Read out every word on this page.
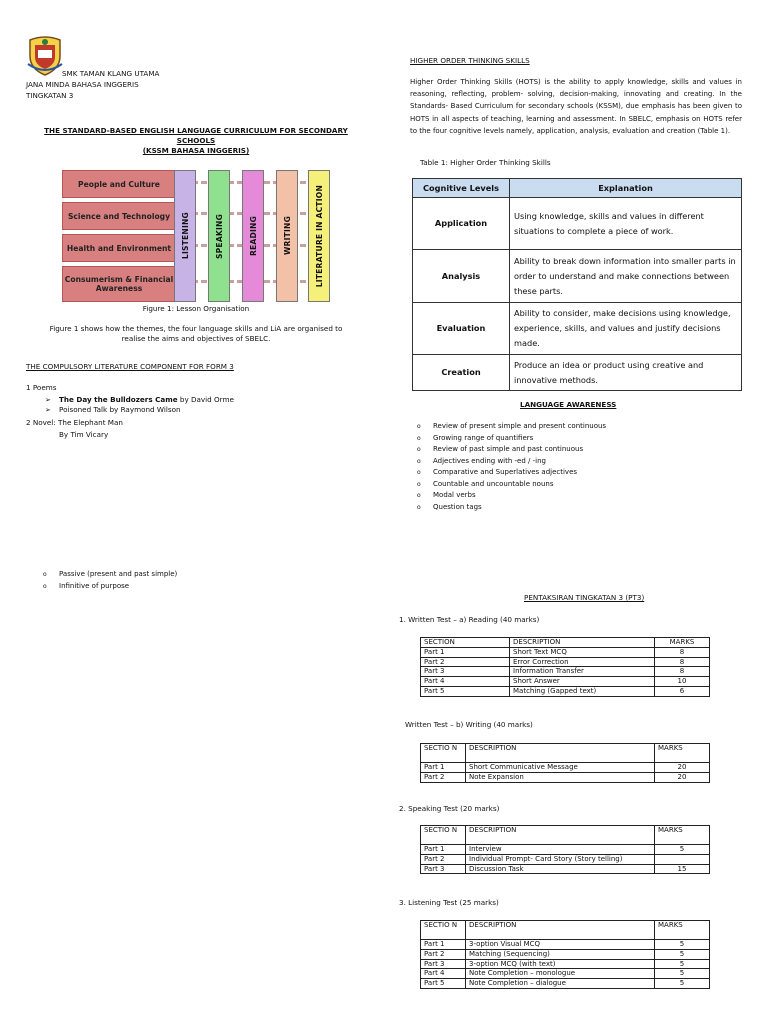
SMK TAMAN KLANG UTAMA
JANA MINDA BAHASA INGGERIS
TINGKATAN 3
THE STANDARD-BASED ENGLISH LANGUAGE CURRICULUM FOR SECONDARY
SCHOOLS
(KSSM BAHASA INGGERIS)
People and Culture
Science and Technology
Health and Environment
Consumerism & Financial Awareness
LISTENING	SPEAKING	READING	WRITING	LITERATURE IN ACTION
Figure 1: Lesson Organisation
Figure 1 shows how the themes, the four language skills and LiA are organised to
realise the aims and objectives of SBELC.
THE COMPULSORY LITERATURE COMPONENT FOR FORM 3
1 Poems
➢ The Day the Bulldozers Came by David Orme
➢ Poisoned Talk by Raymond Wilson
2 Novel: The Elephant Man
By Tim Vicary
o Passive (present and past simple)
o Infinitive of purpose
HIGHER ORDER THINKING SKILLS
Higher Order Thinking Skills (HOTS) is the ability to apply knowledge, skills and values in reasoning, reflecting, problem- solving, decision-making, innovating and creating. In the Standards- Based Curriculum for secondary schools (KSSM), due emphasis has been given to HOTS in all aspects of teaching, learning and assessment. In SBELC, emphasis on HOTS refer to the four cognitive levels namely, application, analysis, evaluation and creation (Table 1).
Table 1: Higher Order Thinking Skills
Cognitive Levels	Explanation
Application	Using knowledge, skills and values in different situations to complete a piece of work.
Analysis	Ability to break down information into smaller parts in order to understand and make connections between these parts.
Evaluation	Ability to consider, make decisions using knowledge, experience, skills, and values and justify decisions made.
Creation	Produce an idea or product using creative and innovative methods.
LANGUAGE AWARENESS
o Review of present simple and present continuous
o Growing range of quantifiers
o Review of past simple and past continuous
o Adjectives ending with -ed / -ing
o Comparative and Superlatives adjectives
o Countable and uncountable nouns
o Modal verbs
o Question tags
PENTAKSIRAN TINGKATAN 3 (PT3)
1. Written Test – a) Reading (40 marks)
SECTION	DESCRIPTION	MARKS
Part 1	Short Text MCQ	8
Part 2	Error Correction	8
Part 3	Information Transfer	8
Part 4	Short Answer	10
Part 5	Matching (Gapped text)	6
Written Test – b) Writing (40 marks)
SECTIO N	DESCRIPTION	MARKS
Part 1	Short Communicative Message	20
Part 2	Note Expansion	20
2. Speaking Test (20 marks)
SECTIO N	DESCRIPTION	MARKS
Part 1	Interview	5
Part 2	Individual Prompt- Card Story (Story telling)	
Part 3	Discussion Task	15
3. Listening Test (25 marks)
SECTIO N	DESCRIPTION	MARKS
Part 1	3-option Visual MCQ	5
Part 2	Matching (Sequencing)	5
Part 3	3-option MCQ (with text)	5
Part 4	Note Completion – monologue	5
Part 5	Note Completion – dialogue	5
